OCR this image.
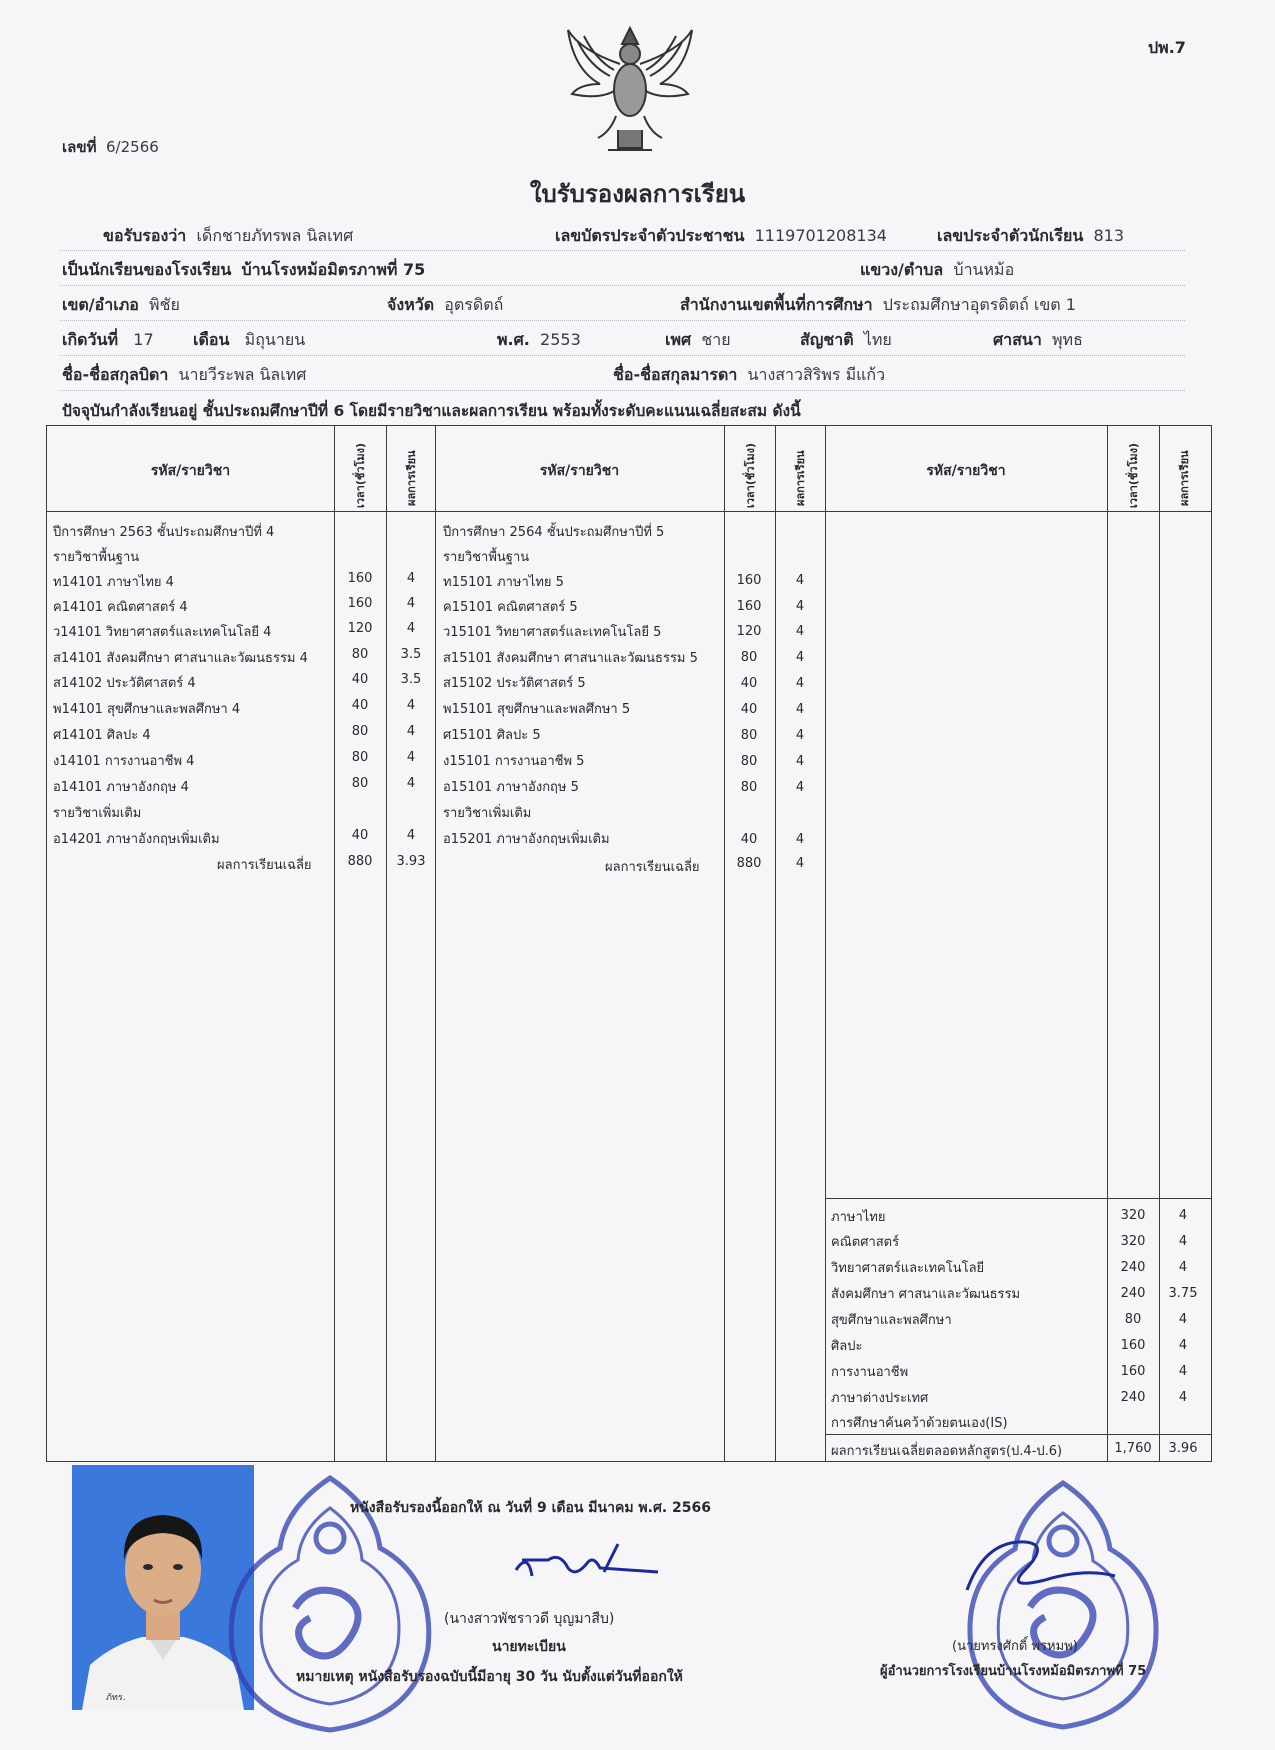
ปพ.7
เลขที่ 6/2566
ใบรับรองผลการเรียน
ขอรับรองว่า เด็กชายภัทรพล นิลเทศ	เลขบัตรประจำตัวประชาชน 1119701208134	เลขประจำตัวนักเรียน 813
เป็นนักเรียนของโรงเรียน บ้านโรงหม้อมิตรภาพที่ 75	แขวง/ตำบล บ้านหม้อ
เขต/อำเภอ พิชัย	จังหวัด อุตรดิตถ์	สำนักงานเขตพื้นที่การศึกษา ประถมศึกษาอุตรดิตถ์ เขต 1
เกิดวันที่ 17 เดือน มิถุนายน	พ.ศ. 2553	เพศ ชาย	สัญชาติ ไทย	ศาสนา พุทธ
ชื่อ-ชื่อสกุลบิดา นายวีระพล นิลเทศ	ชื่อ-ชื่อสกุลมารดา นางสาวสิริพร มีแก้ว
ปัจจุบันกำลังเรียนอยู่ ชั้นประถมศึกษาปีที่ 6 โดยมีรายวิชาและผลการเรียน พร้อมทั้งระดับคะแนนเฉลี่ยสะสม ดังนี้
รหัส/รายวิชา	เวลา(ชั่วโมง)	ผลการเรียน	รหัส/รายวิชา	เวลา(ชั่วโมง)	ผลการเรียน	รหัส/รายวิชา	เวลา(ชั่วโมง)	ผลการเรียน
ปีการศึกษา 2563 ชั้นประถมศึกษาปีที่ 4
รายวิชาพื้นฐาน
ท14101 ภาษาไทย 4	160	4
ค14101 คณิตศาสตร์ 4	160	4
ว14101 วิทยาศาสตร์และเทคโนโลยี 4	120	4
ส14101 สังคมศึกษา ศาสนาและวัฒนธรรม 4	80	3.5
ส14102 ประวัติศาสตร์ 4	40	3.5
พ14101 สุขศึกษาและพลศึกษา 4	40	4
ศ14101 ศิลปะ 4	80	4
ง14101 การงานอาชีพ 4	80	4
อ14101 ภาษาอังกฤษ 4	80	4
รายวิชาเพิ่มเติม
อ14201 ภาษาอังกฤษเพิ่มเติม	40	4
ผลการเรียนเฉลี่ย	880	3.93
ปีการศึกษา 2564 ชั้นประถมศึกษาปีที่ 5
รายวิชาพื้นฐาน
ท15101 ภาษาไทย 5	160	4
ค15101 คณิตศาสตร์ 5	160	4
ว15101 วิทยาศาสตร์และเทคโนโลยี 5	120	4
ส15101 สังคมศึกษา ศาสนาและวัฒนธรรม 5	80	4
ส15102 ประวัติศาสตร์ 5	40	4
พ15101 สุขศึกษาและพลศึกษา 5	40	4
ศ15101 ศิลปะ 5	80	4
ง15101 การงานอาชีพ 5	80	4
อ15101 ภาษาอังกฤษ 5	80	4
รายวิชาเพิ่มเติม
อ15201 ภาษาอังกฤษเพิ่มเติม	40	4
ผลการเรียนเฉลี่ย	880	4
ภาษาไทย	320	4
คณิตศาสตร์	320	4
วิทยาศาสตร์และเทคโนโลยี	240	4
สังคมศึกษา ศาสนาและวัฒนธรรม	240	3.75
สุขศึกษาและพลศึกษา	80	4
ศิลปะ	160	4
การงานอาชีพ	160	4
ภาษาต่างประเทศ	240	4
การศึกษาค้นคว้าด้วยตนเอง(IS)
ผลการเรียนเฉลี่ยตลอดหลักสูตร(ป.4-ป.6)	1,760	3.96
ภัทร.
หนังสือรับรองนี้ออกให้ ณ วันที่ 9 เดือน มีนาคม พ.ศ. 2566
(นางสาวพัชราวดี บุญมาสืบ)
นายทะเบียน
หมายเหตุ หนังสือรับรองฉบับนี้มีอายุ 30 วัน นับตั้งแต่วันที่ออกให้
(นายทรงศักดิ์ พรหมพ)
ผู้อำนวยการโรงเรียนบ้านโรงหม้อมิตรภาพที่ 75
